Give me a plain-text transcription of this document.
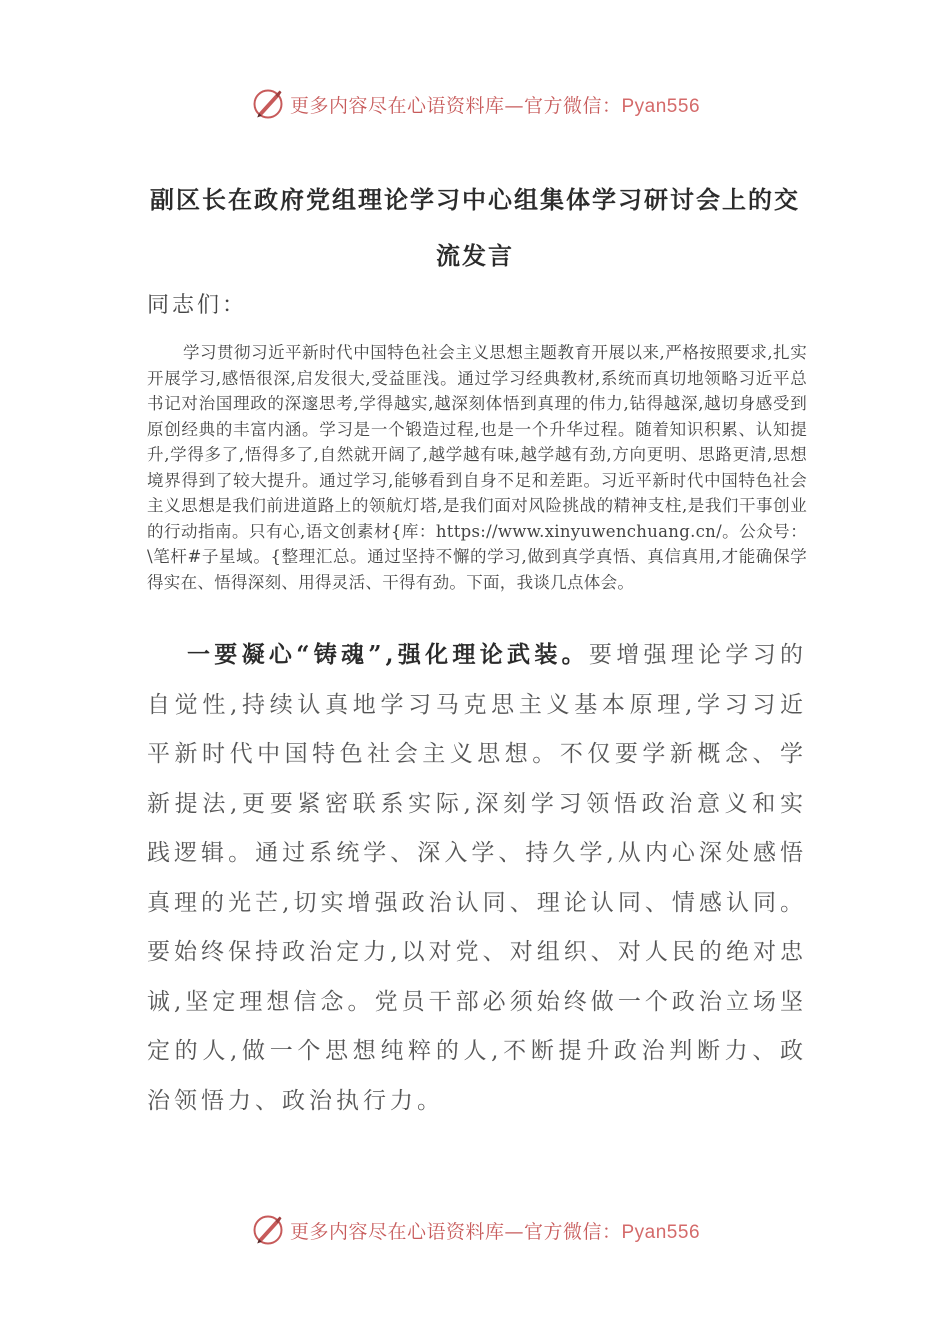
更多内容尽在心语资料库—官方微信：Pyan556
副区长在政府党组理论学习中心组集体学习研讨会上的交流发言
同志们：
学习贯彻习近平新时代中国特色社会主义思想主题教育开展以来,严格按照要求,扎实开展学习,感悟很深,启发很大,受益匪浅。通过学习经典教材,系统而真切地领略习近平总书记对治国理政的深邃思考,学得越实,越深刻体悟到真理的伟力,钻得越深,越切身感受到原创经典的丰富内涵。学习是一个锻造过程,也是一个升华过程。随着知识积累、认知提升,学得多了,悟得多了,自然就开阔了,越学越有味,越学越有劲,方向更明、思路更清,思想境界得到了较大提升。通过学习,能够看到自身不足和差距。习近平新时代中国特色社会主义思想是我们前进道路上的领航灯塔,是我们面对风险挑战的精神支柱,是我们干事创业的行动指南。只有心,语文创素材{库：https://www.xinyuwenchuang.cn/。公众号：\笔杆#子星域。{整理汇总。通过坚持不懈的学习,做到真学真悟、真信真用,才能确保学得实在、悟得深刻、用得灵活、干得有劲。下面，我谈几点体会。
一要凝心“铸魂”,强化理论武装。要增强理论学习的自觉性,持续认真地学习马克思主义基本原理,学习习近平新时代中国特色社会主义思想。不仅要学新概念、学新提法,更要紧密联系实际,深刻学习领悟政治意义和实践逻辑。通过系统学、深入学、持久学,从内心深处感悟真理的光芒,切实增强政治认同、理论认同、情感认同。要始终保持政治定力,以对党、对组织、对人民的绝对忠诚,坚定理想信念。党员干部必须始终做一个政治立场坚定的人,做一个思想纯粹的人,不断提升政治判断力、政治领悟力、政治执行力。
更多内容尽在心语资料库—官方微信：Pyan556
